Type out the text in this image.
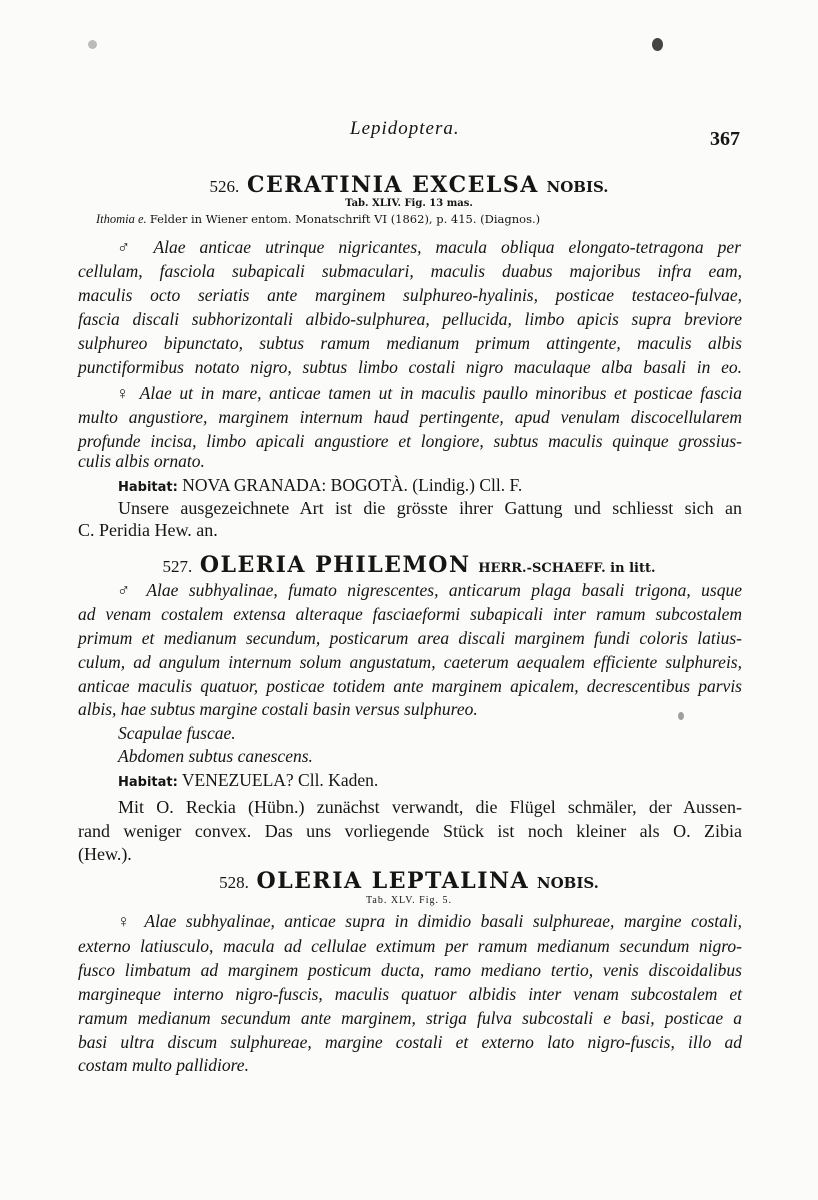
Lepidoptera.	367
526. CERATINIA EXCELSA NOBIS.
Tab. XLIV. Fig. 13 mas.
Ithomia e. Felder in Wiener entom. Monatschrift VI (1862), p. 415. (Diagnos.)
♂ Alae anticae utrinque nigricantes, macula obliqua elongato-tetragona per
cellulam, fasciola subapicali submaculari, maculis duabus majoribus infra eam,
maculis octo seriatis ante marginem sulphureo-hyalinis, posticae testaceo-fulvae,
fascia discali subhorizontali albido-sulphurea, pellucida, limbo apicis supra breviore
sulphureo bipunctato, subtus ramum medianum primum attingente, maculis albis
punctiformibus notato nigro, subtus limbo costali nigro maculaque alba basali in eo.
♀ Alae ut in mare, anticae tamen ut in maculis paullo minoribus et posticae fascia
multo angustiore, marginem internum haud pertingente, apud venulam discocellularem
profunde incisa, limbo apicali angustiore et longiore, subtus maculis quinque grossius-
culis albis ornato.
Habitat: NOVA GRANADA: BOGOTÀ. (Lindig.) Cll. F.
Unsere ausgezeichnete Art ist die grösste ihrer Gattung und schliesst sich an
C. Peridia Hew. an.
527. OLERIA PHILEMON HERR.-SCHAEFF. in litt.
♂ Alae subhyalinae, fumato nigrescentes, anticarum plaga basali trigona, usque
ad venam costalem extensa alteraque fasciaeformi subapicali inter ramum subcostalem
primum et medianum secundum, posticarum area discali marginem fundi coloris latius-
culum, ad angulum internum solum angustatum, caeterum aequalem efficiente sulphureis,
anticae maculis quatuor, posticae totidem ante marginem apicalem, decrescentibus parvis
albis, hae subtus margine costali basin versus sulphureo.
Scapulae fuscae.
Abdomen subtus canescens.
Habitat: VENEZUELA? Cll. Kaden.
Mit O. Reckia (Hübn.) zunächst verwandt, die Flügel schmäler, der Aussen-
rand weniger convex. Das uns vorliegende Stück ist noch kleiner als O. Zibia
(Hew.).
528. OLERIA LEPTALINA NOBIS.
Tab. XLV. Fig. 5.
♀ Alae subhyalinae, anticae supra in dimidio basali sulphureae, margine costali,
externo latiusculo, macula ad cellulae extimum per ramum medianum secundum nigro-
fusco limbatum ad marginem posticum ducta, ramo mediano tertio, venis discoidalibus
margineque interno nigro-fuscis, maculis quatuor albidis inter venam subcostalem et
ramum medianum secundum ante marginem, striga fulva subcostali e basi, posticae a
basi ultra discum sulphureae, margine costali et externo lato nigro-fuscis, illo ad
costam multo pallidiore.
